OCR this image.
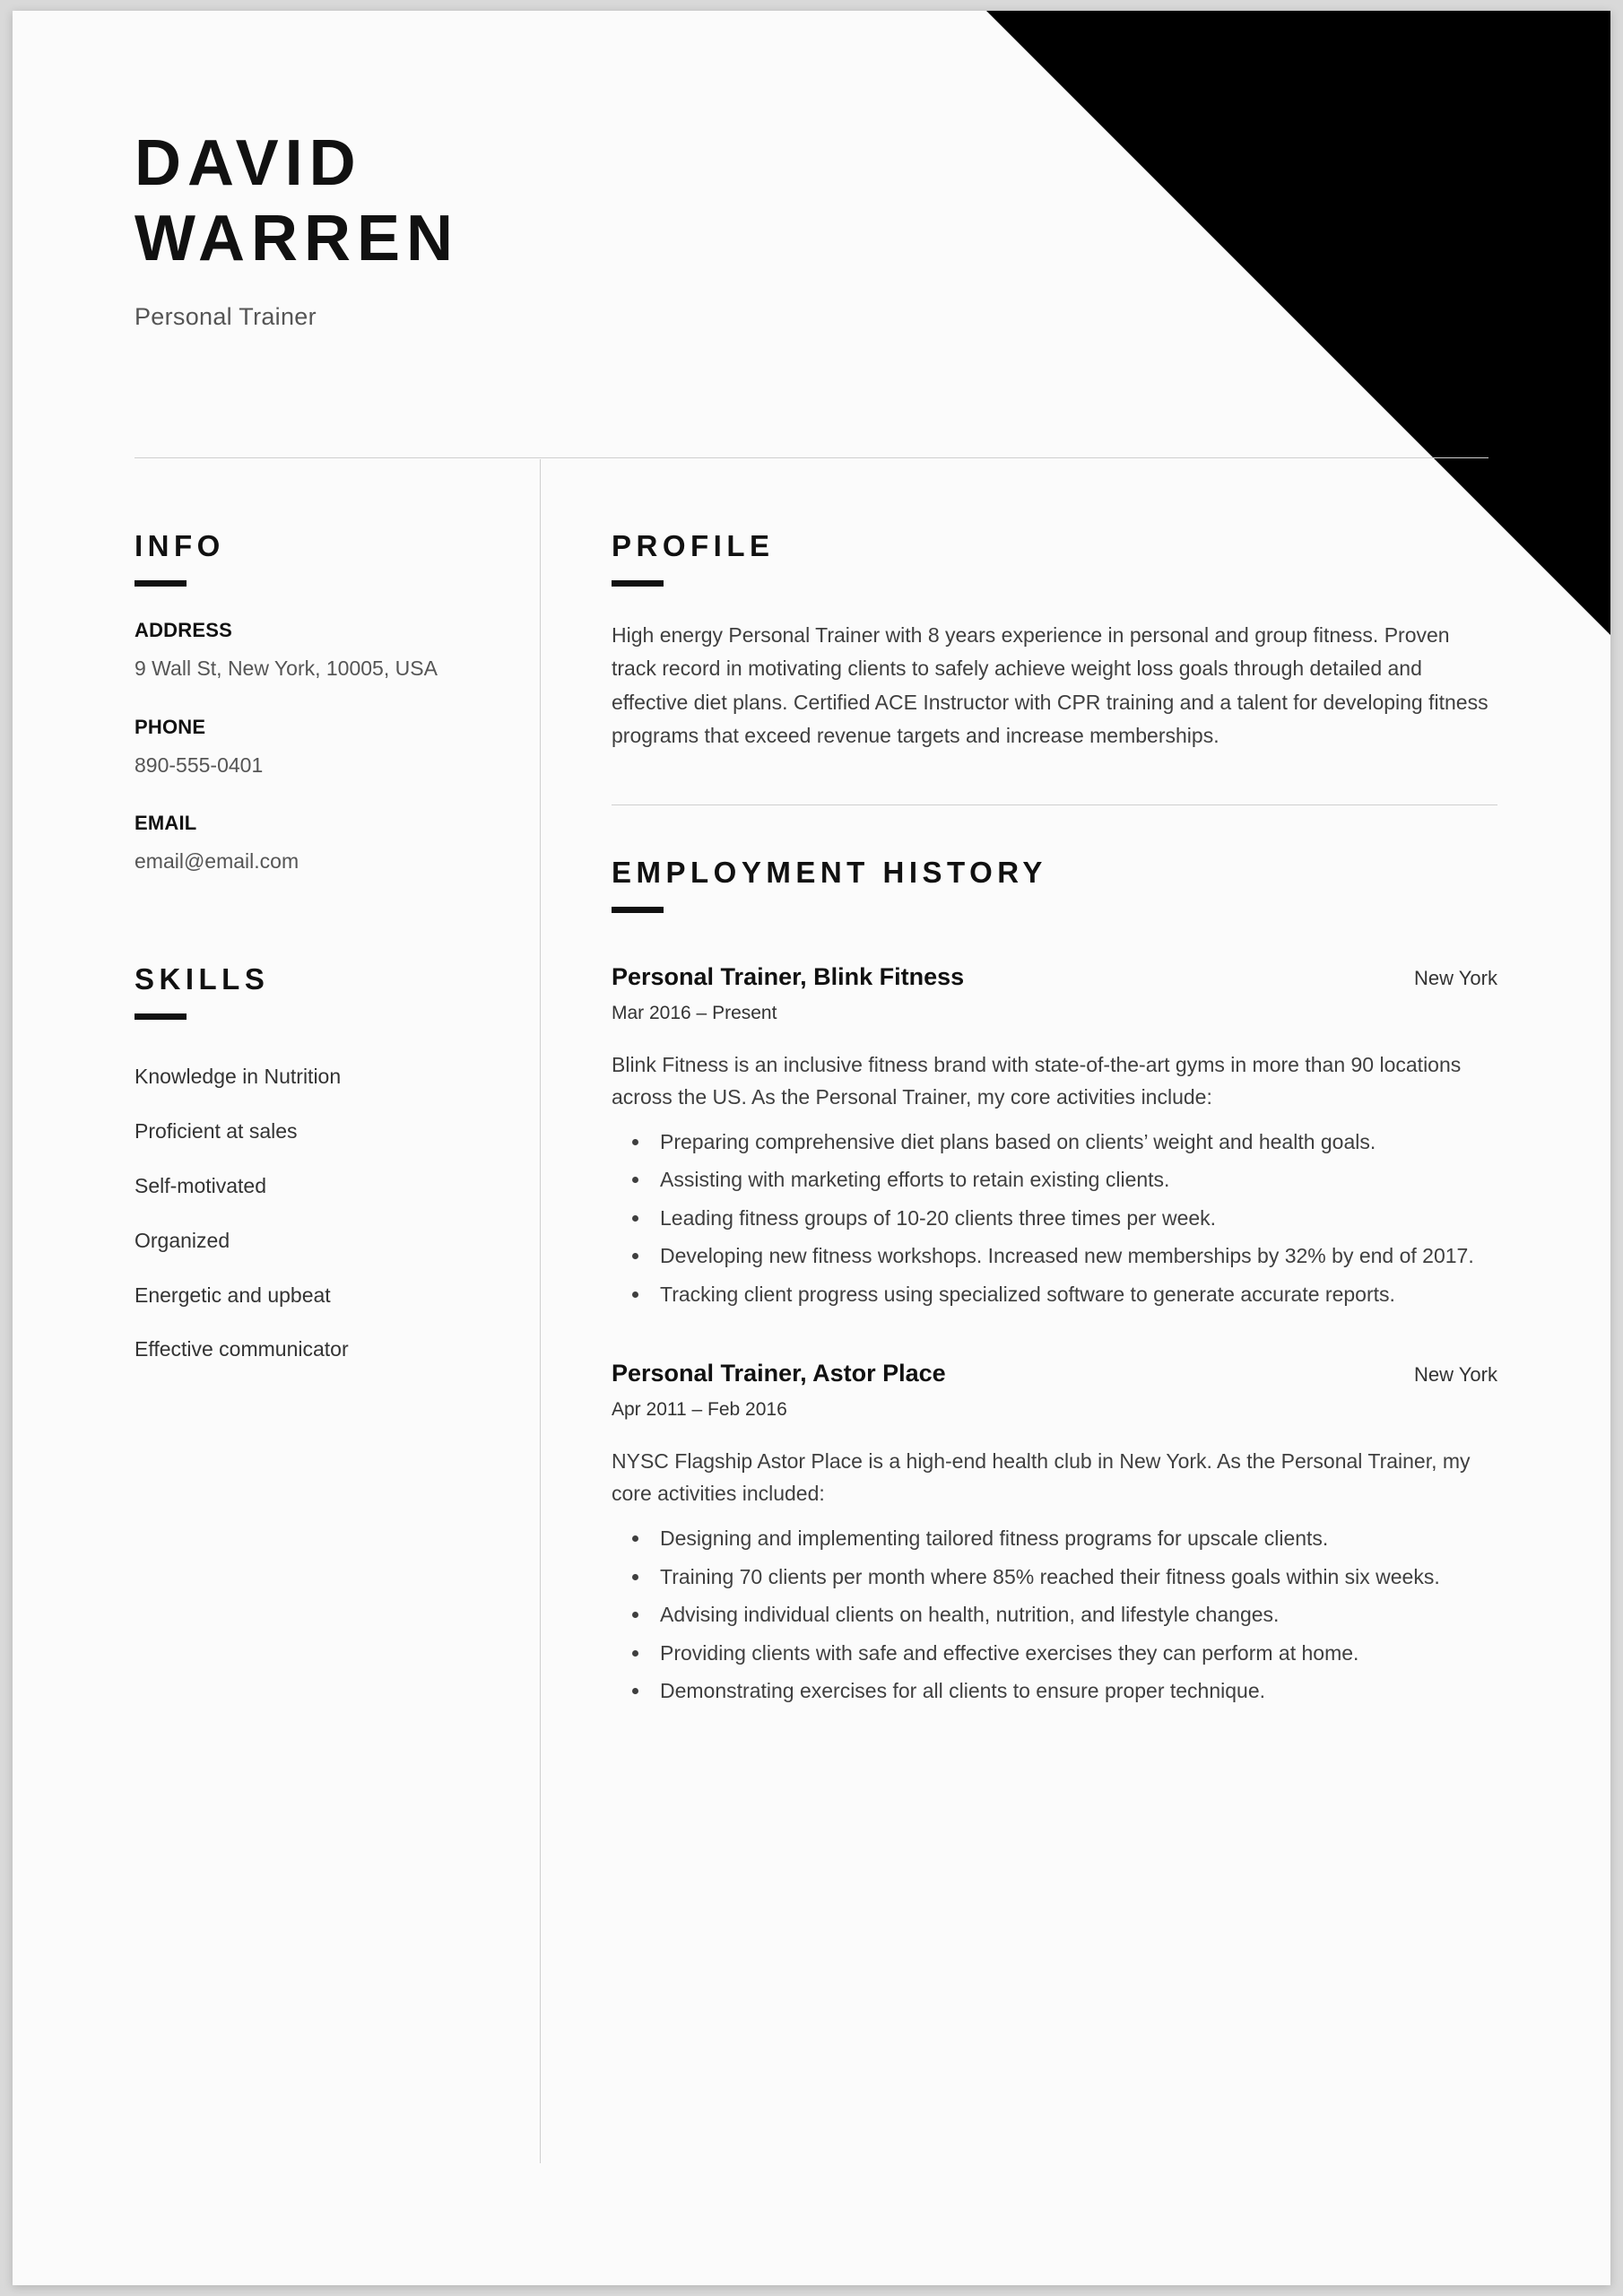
DAVID
WARREN
Personal Trainer
INFO
ADDRESS
9 Wall St, New York, 10005, USA
PHONE
890-555-0401
EMAIL
email@email.com
SKILLS
Knowledge in Nutrition
Proficient at sales
Self-motivated
Organized
Energetic and upbeat
Effective communicator
PROFILE
High energy Personal Trainer with 8 years experience in personal and group fitness. Proven track record in motivating clients to safely achieve weight loss goals through detailed and effective diet plans. Certified ACE Instructor with CPR training and a talent for developing fitness programs that exceed revenue targets and increase memberships.
EMPLOYMENT HISTORY
Personal Trainer, Blink Fitness	New York
Mar 2016 – Present
Blink Fitness is an inclusive fitness brand with state-of-the-art gyms in more than 90 locations across the US. As the Personal Trainer, my core activities include:
• Preparing comprehensive diet plans based on clients’ weight and health goals.
• Assisting with marketing efforts to retain existing clients.
• Leading fitness groups of 10-20 clients three times per week.
• Developing new fitness workshops. Increased new memberships by 32% by end of 2017.
• Tracking client progress using specialized software to generate accurate reports.
Personal Trainer, Astor Place	New York
Apr 2011 – Feb 2016
NYSC Flagship Astor Place is a high-end health club in New York. As the Personal Trainer, my core activities included:
• Designing and implementing tailored fitness programs for upscale clients.
• Training 70 clients per month where 85% reached their fitness goals within six weeks.
• Advising individual clients on health, nutrition, and lifestyle changes.
• Providing clients with safe and effective exercises they can perform at home.
• Demonstrating exercises for all clients to ensure proper technique.
